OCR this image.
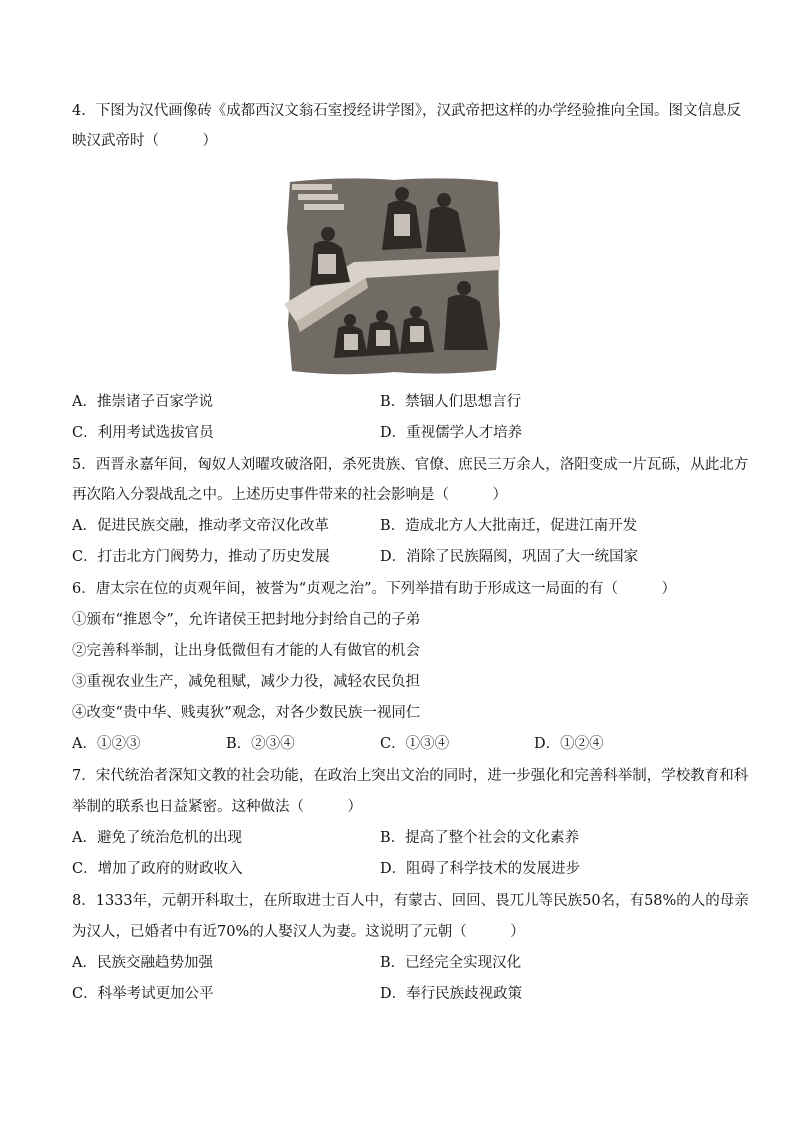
4．下图为汉代画像砖《成都西汉文翁石室授经讲学图》，汉武帝把这样的办学经验推向全国。图文信息反
映汉武帝时（　　　）
A．推崇诸子百家学说	B．禁锢人们思想言行
C．利用考试选拔官员	D．重视儒学人才培养
5．西晋永嘉年间，匈奴人刘曜攻破洛阳，杀死贵族、官僚、庶民三万余人，洛阳变成一片瓦砾，从此北方
再次陷入分裂战乱之中。上述历史事件带来的社会影响是（　　　）
A．促进民族交融，推动孝文帝汉化改革	B．造成北方人大批南迁，促进江南开发
C．打击北方门阀势力，推动了历史发展	D．消除了民族隔阂，巩固了大一统国家
6．唐太宗在位的贞观年间，被誉为“贞观之治”。下列举措有助于形成这一局面的有（　　　）
①颁布“推恩令”，允许诸侯王把封地分封给自己的子弟
②完善科举制，让出身低微但有才能的人有做官的机会
③重视农业生产，减免租赋，减少力役，减轻农民负担
④改变“贵中华、贱夷狄”观念，对各少数民族一视同仁
A．①②③	B．②③④	C．①③④	D．①②④
7．宋代统治者深知文教的社会功能，在政治上突出文治的同时，进一步强化和完善科举制，学校教育和科
举制的联系也日益紧密。这种做法（　　　）
A．避免了统治危机的出现	B．提高了整个社会的文化素养
C．增加了政府的财政收入	D．阻碍了科学技术的发展进步
8．1333年，元朝开科取士，在所取进士百人中，有蒙古、回回、畏兀儿等民族50名，有58%的人的母亲
为汉人，已婚者中有近70%的人娶汉人为妻。这说明了元朝（　　　）
A．民族交融趋势加强	B．已经完全实现汉化
C．科举考试更加公平	D．奉行民族歧视政策
